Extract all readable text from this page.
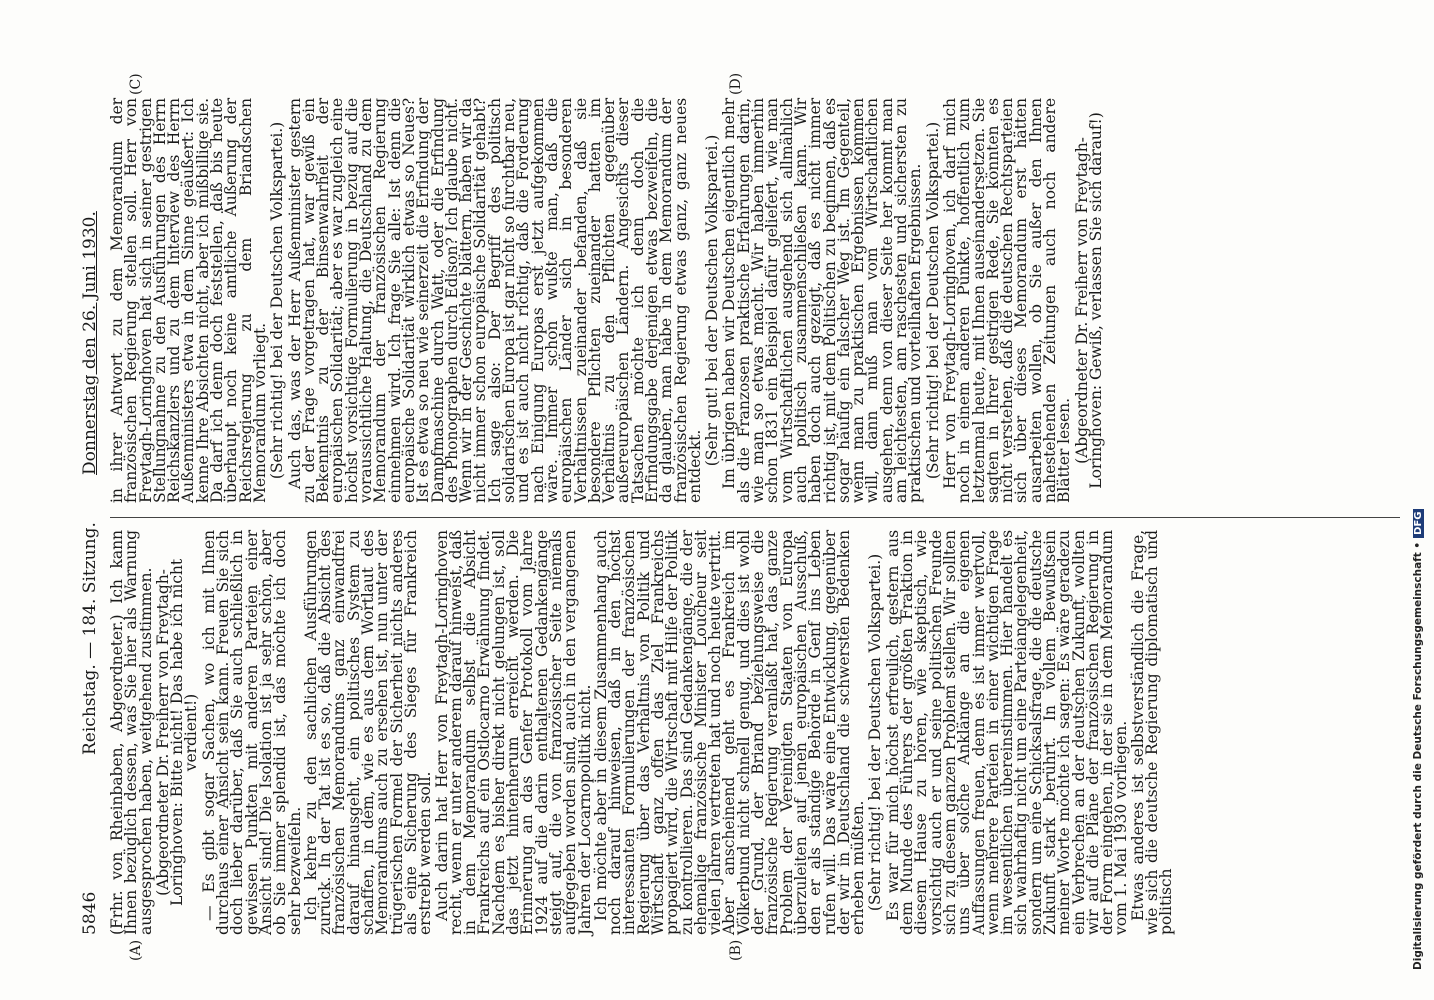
5846
Reichstag. — 184. Sitzung.
Donnerstag den 26. Juni 1930.
(A)	(B)
(C)	(D)

(Frhr. von Rheinbaben, Abgeordneter.) Ich kann Ihnen bezüglich dessen, was Sie hier als Warnung ausgesprochen haben, weitgehend zustimmen. (Abgeordneter Dr. Freiherr von Freytagh-Loringhoven: Bitte nicht! Das habe ich nicht verdient!) — Es gibt sogar Sachen, wo ich mit Ihnen durchaus einer Ansicht sein kann. Freuen Sie sich doch lieber darüber, daß Sie auch schließlich in gewissen Punkten mit anderen Parteien einer Ansicht sind! Die Isolation ist ja sehr schön, aber ob Sie immer splendid ist, das möchte ich doch sehr bezweifeln.

Ich kehre zu den sachlichen Ausführungen zurück. In der Tat ist es so, daß die Absicht des französischen Memorandums ganz einwandfrei darauf hinausgeht, ein politisches System zu schaffen, in dem, wie es aus dem Wortlaut des Memorandums auch zu ersehen ist, nun unter der trügerischen Formel der Sicherheit nichts anderes als eine Sicherung des Sieges für Frankreich erstrebt werden soll.

Auch darin hat Herr von Freytagh-Loringhoven recht, wenn er unter anderem darauf hinweist, daß in dem Memorandum selbst die Absicht Frankreichs auf ein Ostlocarno Erwähnung findet. Nachdem es bisher direkt nicht gelungen ist, soll das jetzt hintenherum erreicht werden. Die Erinnerung an das Genfer Protokoll vom Jahre 1924 auf die darin enthaltenen Gedankengänge steigt auf, die von französischer Seite niemals aufgegeben worden sind, auch in den vergangenen Jahren der Locarnopolitik nicht.

Ich möchte aber in diesem Zusammenhang auch noch darauf hinweisen, daß in den höchst interessanten Formulierungen der französischen Regierung über das Verhältnis von Politik und Wirtschaft ganz offen das Ziel Frankreichs propagiert wird, die Wirtschaft mit Hilfe der Politik zu kontrollieren. Das sind Gedankengänge, die der ehemalige französische Minister Loucheur seit vielen Jahren vertreten hat und noch heute vertritt. Aber anscheinend geht es Frankreich im Völkerbund nicht schnell genug, und dies ist wohl der Grund, der Briand beziehungsweise die französische Regierung veranlaßt hat, das ganze Problem der Vereinigten Staaten von Europa überzuleiten auf jenen europäischen Ausschuß, den er als ständige Behörde in Genf ins Leben rufen will. Das wäre eine Entwicklung, gegenüber der wir in Deutschland die schwersten Bedenken erheben müßten. (Sehr richtig! bei der Deutschen Volkspartei.) Es war für mich höchst erfreulich, gestern aus dem Munde des Führers der größten Fraktion in diesem Hause zu hören, wie skeptisch, wie vorsichtig auch er und seine politischen Freunde sich zu diesem ganzen Problem stellen. Wir sollten uns über solche Anklänge an die eigenen Auffassungen freuen, denn es ist immer wertvoll, wenn mehrere Parteien in einer wichtigen Frage im wesentlichen übereinstimmen. Hier handelt es sich wahrhaftig nicht um eine Parteiangelegenheit, sondern um eine Schicksalsfrage, die die deutsche Zukunft stark berührt. In vollem Bewußtsein meiner Worte möchte ich sagen: Es wäre geradezu ein Verbrechen an der deutschen Zukunft, wollten wir auf die Pläne der französischen Regierung in der Form eingehen, in der sie in dem Memorandum vom 1. Mai 1930 vorliegen.

Etwas anderes ist selbstverständlich die Frage, wie sich die deutsche Regierung diplomatisch und politisch

in ihrer Antwort zu dem Memorandum der französischen Regierung stellen soll. Herr von Freytagh-Loringhoven hat sich in seiner gestrigen Stellungnahme zu den Ausführungen des Herrn Reichskanzlers und zu dem Interview des Herrn Außenministers etwa in dem Sinne geäußert: Ich kenne Ihre Absichten nicht, aber ich mißbillige sie. Da darf ich denn doch feststellen, daß bis heute überhaupt noch keine amtliche Äußerung der Reichsregierung zu dem Briandschen Memorandum vorliegt. (Sehr richtig! bei der Deutschen Volkspartei.) Auch das, was der Herr Außenminister gestern zu der Frage vorgetragen hat, war gewiß ein Bekenntnis zu der Binsenwahrheit der europäischen Solidarität; aber es war zugleich eine höchst vorsichtige Formulierung in bezug auf die voraussichtliche Haltung, die Deutschland zu dem Memorandum der französischen Regierung einnehmen wird. Ich frage Sie alle: Ist denn die europäische Solidarität wirklich etwas so Neues? Ist es etwa so neu wie seinerzeit die Erfindung der Dampfmaschine durch Watt, oder die Erfindung des Phonographen durch Edison? Ich glaube nicht. Wenn wir in der Geschichte blättern, haben wir da nicht immer schon europäische Solidarität gehabt? Ich sage also: Der Begriff des politisch solidarischen Europa ist gar nicht so furchtbar neu, und es ist auch nicht richtig, daß die Forderung nach Einigung Europas erst jetzt aufgekommen wäre. Immer schon wußte man, daß die europäischen Länder sich in besonderen Verhältnissen zueinander befanden, daß sie besondere Pflichten zueinander hatten im Verhältnis zu den Pflichten gegenüber außereuropäischen Ländern. Angesichts dieser Tatsachen möchte ich denn doch die Erfindungsgabe derjenigen etwas bezweifeln, die da glauben, man habe in dem Memorandum der französischen Regierung etwas ganz, ganz neues entdeckt.

(Sehr gut! bei der Deutschen Volkspartei.) Im übrigen haben wir Deutschen eigentlich mehr als die Franzosen praktische Erfahrungen darin, wie man so etwas macht. Wir haben immerhin schon 1831 ein Beispiel dafür geliefert, wie man vom Wirtschaftlichen ausgehend sich allmählich auch politisch zusammenschließen kann. Wir haben doch auch gezeigt, daß es nicht immer richtig ist, mit dem Politischen zu beginnen, daß es sogar häufig ein falscher Weg ist. Im Gegenteil, wenn man zu praktischen Ergebnissen kommen will, dann muß man vom Wirtschaftlichen ausgehen, denn von dieser Seite her kommt man am leichtesten, am raschesten und sichersten zu praktischen und vorteilhaften Ergebnissen. (Sehr richtig! bei der Deutschen Volkspartei.) Herr von Freytagh-Loringhoven, ich darf mich noch in einem anderen Punkte, hoffentlich zum letztenmal heute, mit Ihnen auseinandersetzen. Sie sagten in Ihrer gestrigen Rede, Sie könnten es nicht verstehen, daß die deutschen Rechtsparteien sich über dieses Memorandum erst hätten ausarbeiten wollen, ob Sie außer den Ihnen nahestehenden Zeitungen auch noch andere Blätter lesen. (Abgeordneter Dr. Freiherr von Freytagh-Loringhoven: Gewiß, verlassen Sie sich darauf!)

Digitalisierung gefördert durch die Deutsche Forschungsgemeinschaft •DFG
